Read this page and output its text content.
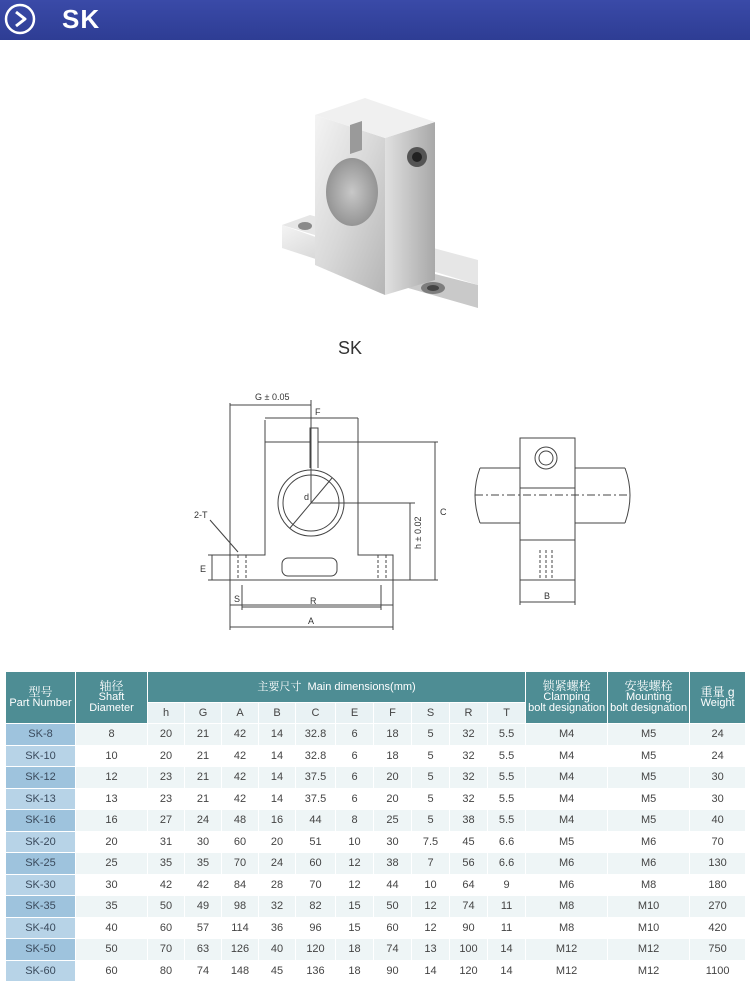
SK
SK
G ± 0.05
F
C
h ± 0.02
2-T
E
S	R
A
B
d
型号
Part Number	轴径
Shaft
Diameter	主要尺寸 Main dimensions(mm)										锁紧螺栓
Clamping
bolt designation	安装螺栓
Mounting
bolt designation	重量 g
Weight

		h	G	A	B	C	E	F	S	R	T			
SK-8	8	20	21	42	14	32.8	6	18	5	32	5.5	M4	M5	24
SK-10	10	20	21	42	14	32.8	6	18	5	32	5.5	M4	M5	24
SK-12	12	23	21	42	14	37.5	6	20	5	32	5.5	M4	M5	30
SK-13	13	23	21	42	14	37.5	6	20	5	32	5.5	M4	M5	30
SK-16	16	27	24	48	16	44	8	25	5	38	5.5	M4	M5	40
SK-20	20	31	30	60	20	51	10	30	7.5	45	6.6	M5	M6	70
SK-25	25	35	35	70	24	60	12	38	7	56	6.6	M6	M6	130
SK-30	30	42	42	84	28	70	12	44	10	64	9	M6	M8	180
SK-35	35	50	49	98	32	82	15	50	12	74	11	M8	M10	270
SK-40	40	60	57	114	36	96	15	60	12	90	11	M8	M10	420
SK-50	50	70	63	126	40	120	18	74	13	100	14	M12	M12	750
SK-60	60	80	74	148	45	136	18	90	14	120	14	M12	M12	1100
